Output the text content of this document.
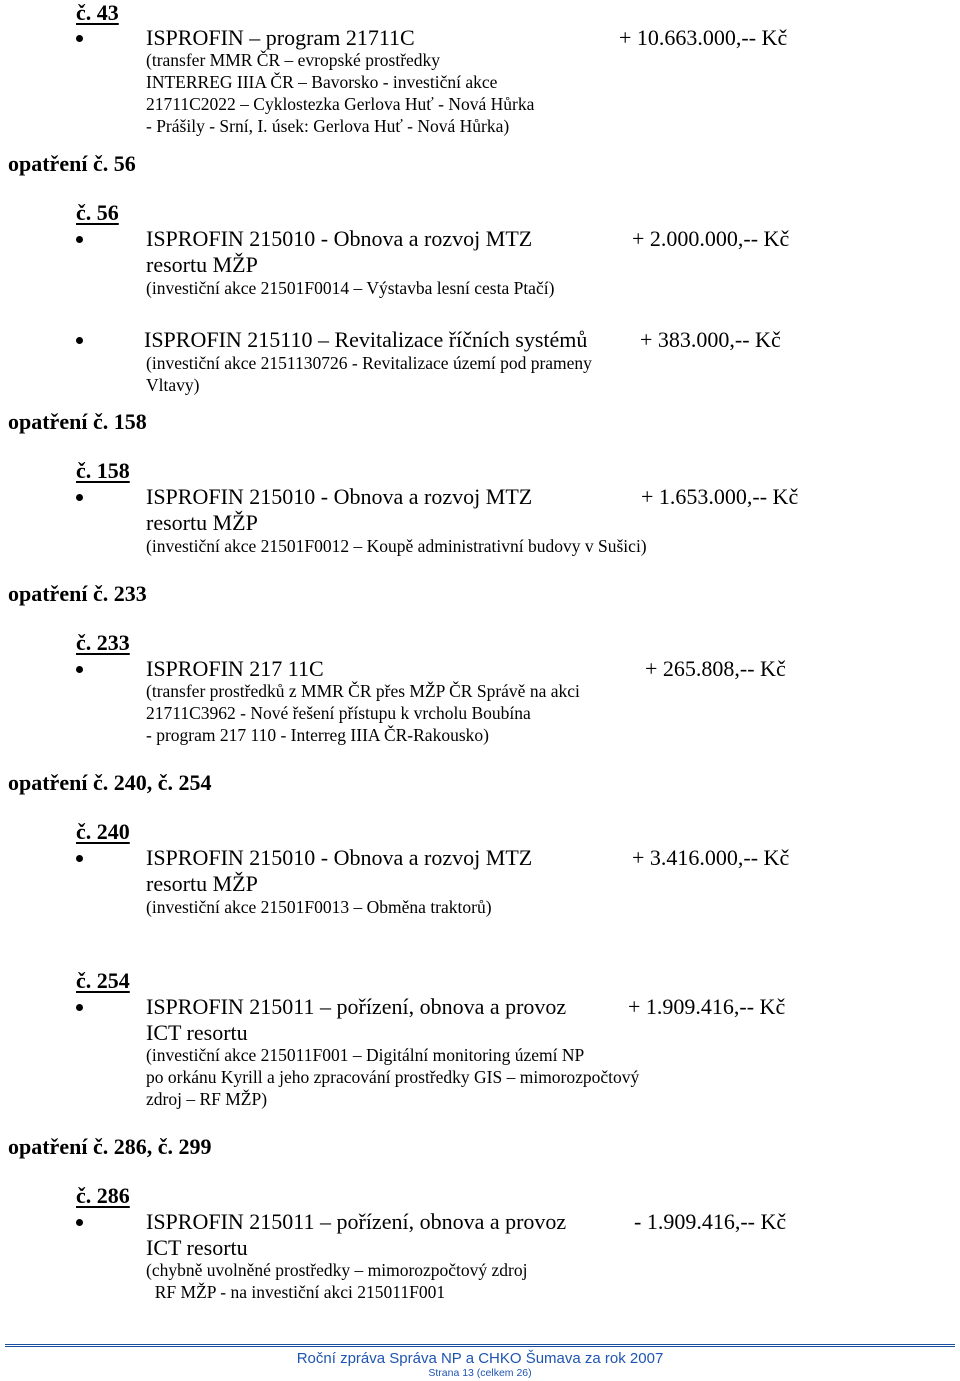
č. 43
ISPROFIN – program 21711C	+ 10.663.000,-- Kč
(transfer MMR ČR – evropské prostředky
INTERREG IIIA ČR – Bavorsko - investiční akce
21711C2022 – Cyklostezka Gerlova Huť - Nová Hůrka
- Prášily - Srní, I. úsek: Gerlova Huť - Nová Hůrka)
opatření č. 56
č. 56
ISPROFIN 215010 - Obnova a rozvoj MTZ	+ 2.000.000,-- Kč
resortu MŽP
(investiční akce 21501F0014 – Výstavba lesní cesta Ptačí)
ISPROFIN 215110 – Revitalizace říčních systémů + 383.000,-- Kč
(investiční akce 2151130726 - Revitalizace území pod prameny
Vltavy)
opatření č. 158
č. 158
ISPROFIN 215010 - Obnova a rozvoj MTZ	+ 1.653.000,-- Kč
resortu MŽP
(investiční akce 21501F0012 – Koupě administrativní budovy v Sušici)
opatření č. 233
č. 233
ISPROFIN 217 11C	+ 265.808,-- Kč
(transfer prostředků z MMR ČR přes MŽP ČR Správě na akci
21711C3962 - Nové řešení přístupu k vrcholu Boubína
- program 217 110 - Interreg IIIA ČR-Rakousko)
opatření č. 240, č. 254
č. 240
ISPROFIN 215010 - Obnova a rozvoj MTZ	+ 3.416.000,-- Kč
resortu MŽP
(investiční akce 21501F0013 – Obměna traktorů)
č. 254
ISPROFIN 215011 – pořízení, obnova a provoz	+ 1.909.416,-- Kč
ICT resortu
(investiční akce 215011F001 – Digitální monitoring území NP
po orkánu Kyrill a jeho zpracování prostředky GIS – mimorozpočtový
zdroj – RF MŽP)
opatření č. 286, č. 299
č. 286
ISPROFIN 215011 – pořízení, obnova a provoz	- 1.909.416,-- Kč
ICT resortu
(chybně uvolněné prostředky – mimorozpočtový zdroj
RF MŽP - na investiční akci 215011F001
Roční zpráva Správa NP a CHKO Šumava za rok 2007
Strana 13 (celkem 26)
